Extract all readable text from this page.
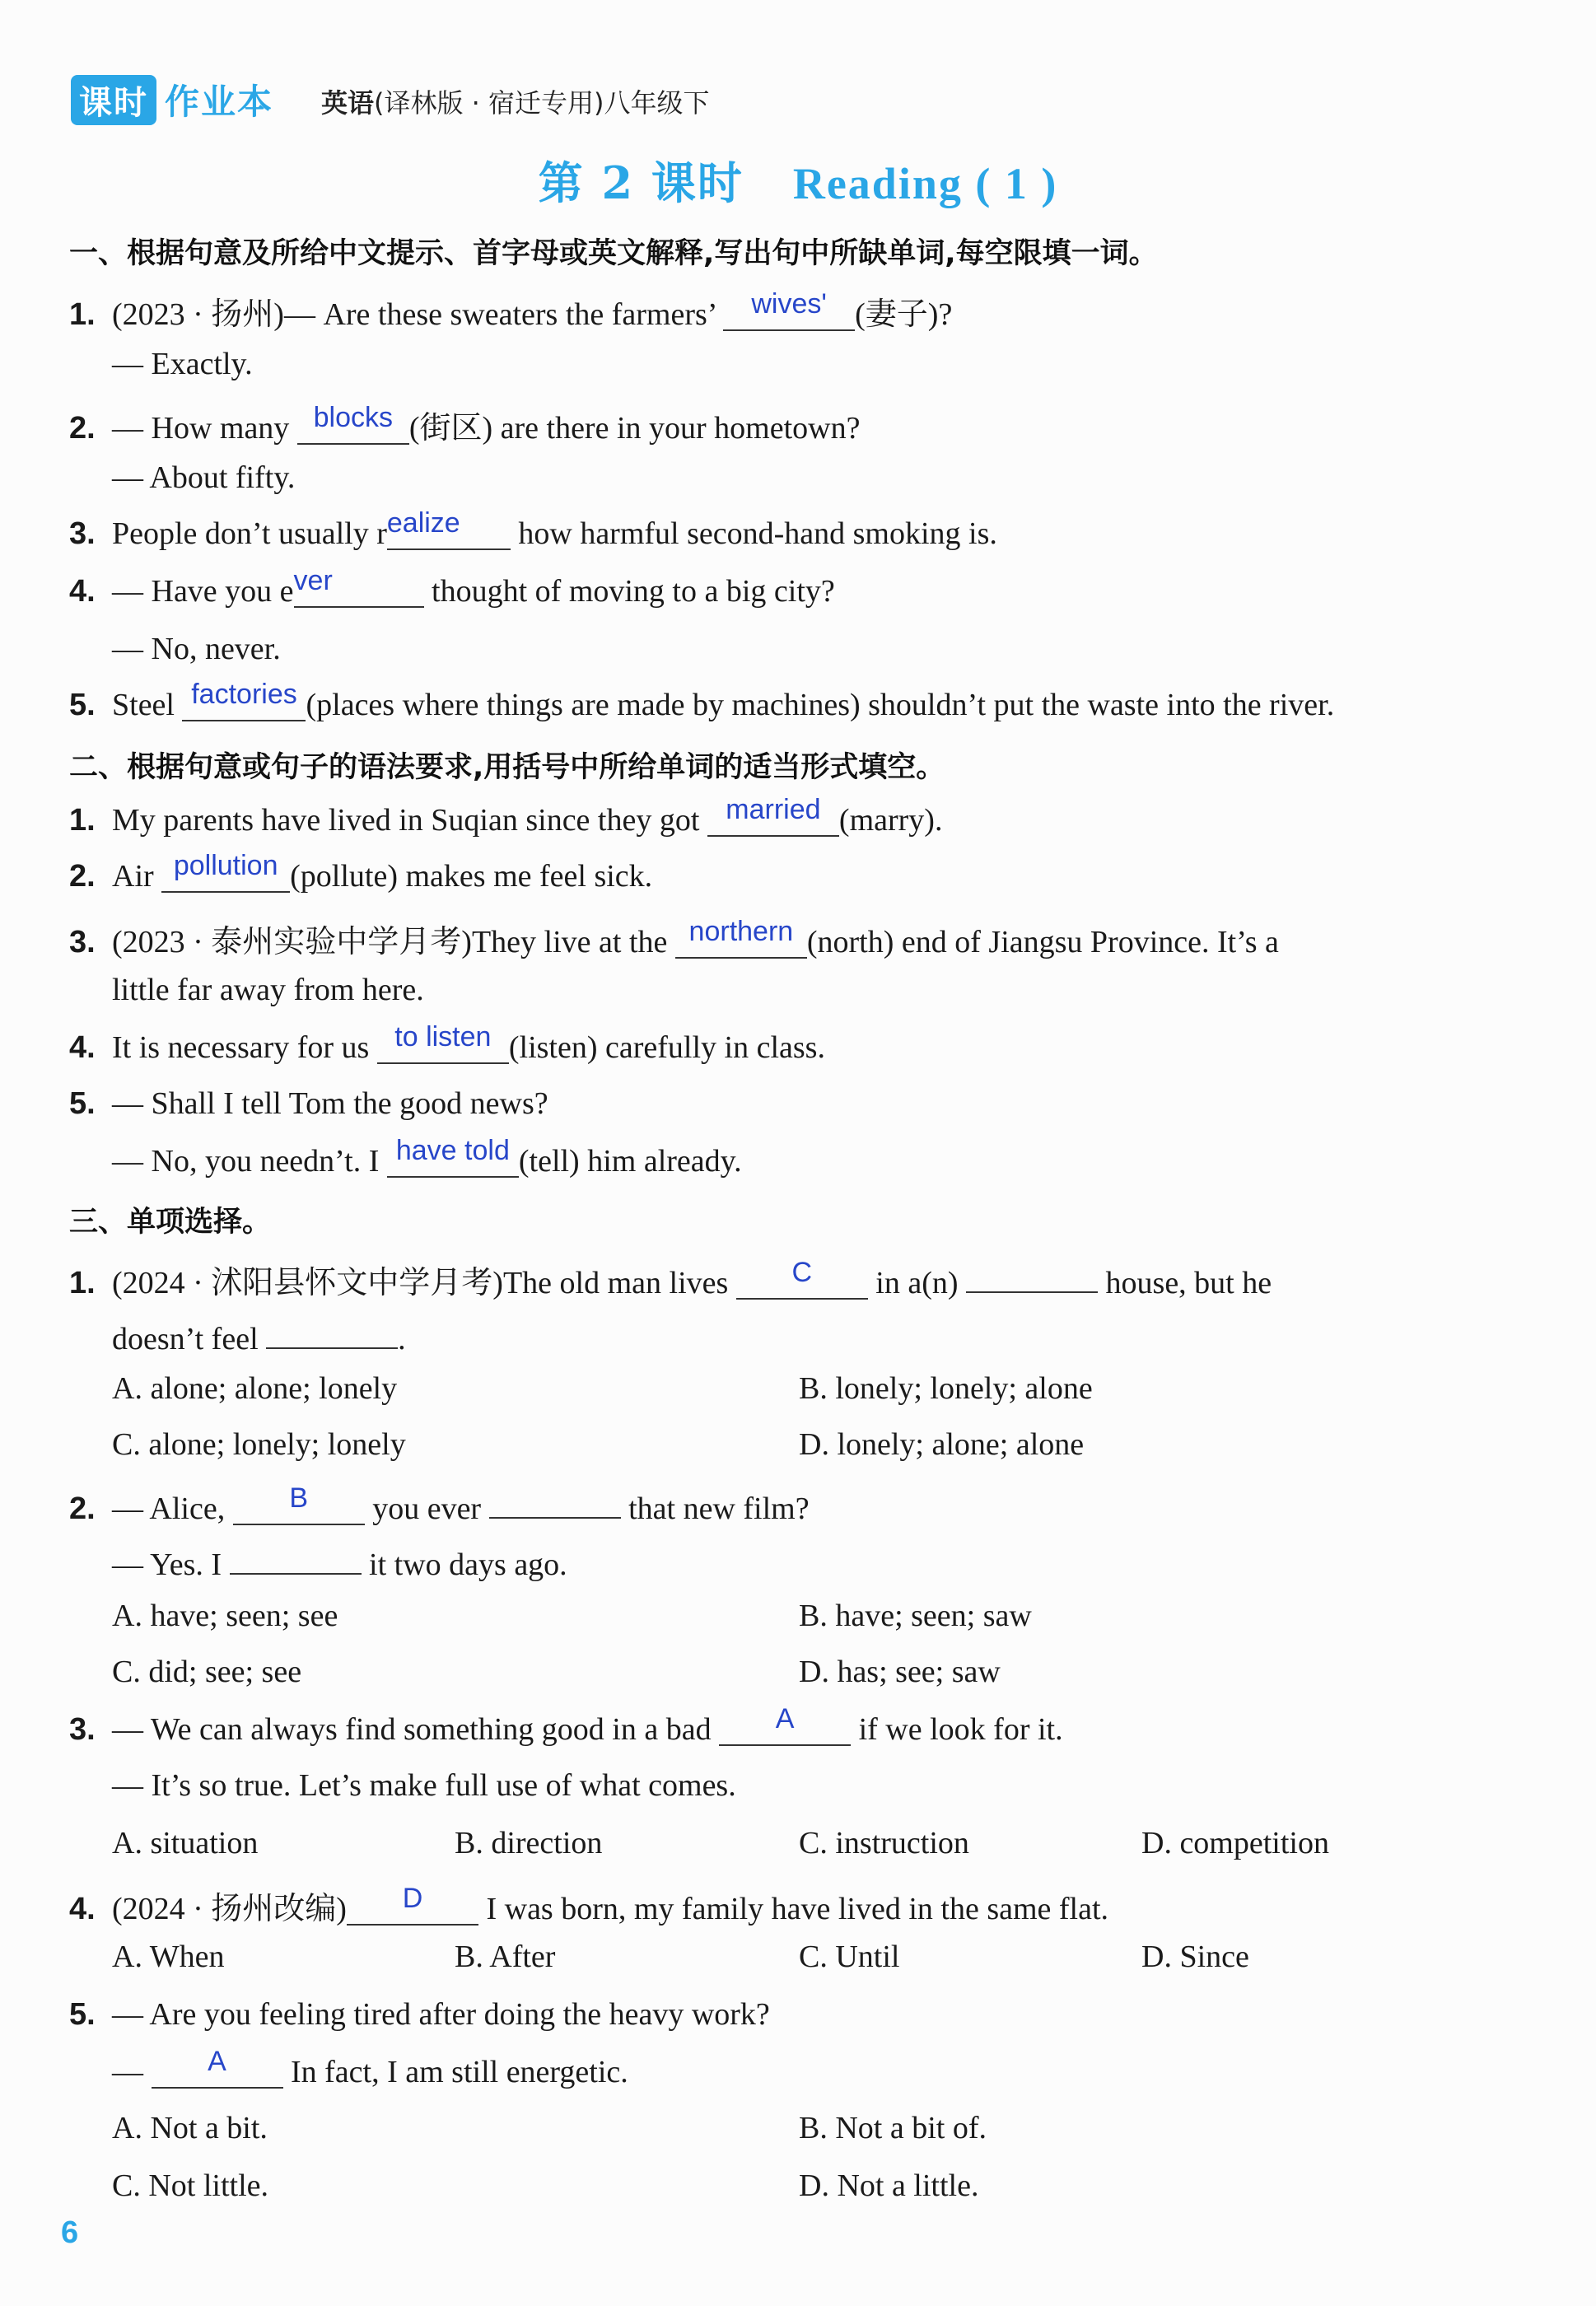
课时 作业本 英语(译林版 · 宿迁专用)八年级下
第 2 课时 Reading ( 1 )
一、根据句意及所给中文提示、首字母或英文解释,写出句中所缺单词,每空限填一词。
1. (2023 · 扬州)— Are these sweaters the farmers’ wives' (妻子)?
— Exactly.
2. — How many blocks (街区) are there in your hometown?
— About fifty.
3. People don’t usually realize how harmful second-hand smoking is.
4. — Have you ever	thought of moving to a big city?
— No, never.
5. Steel factories (places where things are made by machines) shouldn’t put the waste into the river.
二、根据句意或句子的语法要求,用括号中所给单词的适当形式填空。
1. My parents have lived in Suqian since they got married (marry).
2. Air pollution (pollute) makes me feel sick.
3. (2023 · 泰州实验中学月考)They live at the northern (north) end of Jiangsu Province. It’s a
little far away from here.
4. It is necessary for us to listen (listen) carefully in class.
5. — Shall I tell Tom the good news?
— No, you needn’t. I have told (tell) him already.
三、单项选择。
1. (2024 · 沭阳县怀文中学月考)The old man lives C in a(n)	house, but he
doesn’t feel	.
A. alone; alone; lonely	B. lonely; lonely; alone
C. alone; lonely; lonely	D. lonely; alone; alone
2. — Alice, B you ever	that new film?
— Yes. I	it two days ago.
A. have; seen; see	B. have; seen; saw
C. did; see; see	D. has; see; saw
3. — We can always find something good in a bad A if we look for it.
— It’s so true. Let’s make full use of what comes.
A. situation	B. direction	C. instruction	D. competition
4. (2024 · 扬州改编) D I was born, my family have lived in the same flat.
A. When	B. After	C. Until	D. Since
5. — Are you feeling tired after doing the heavy work?
— A In fact, I am still energetic.
A. Not a bit.	B. Not a bit of.
C. Not little.	D. Not a little.
6
